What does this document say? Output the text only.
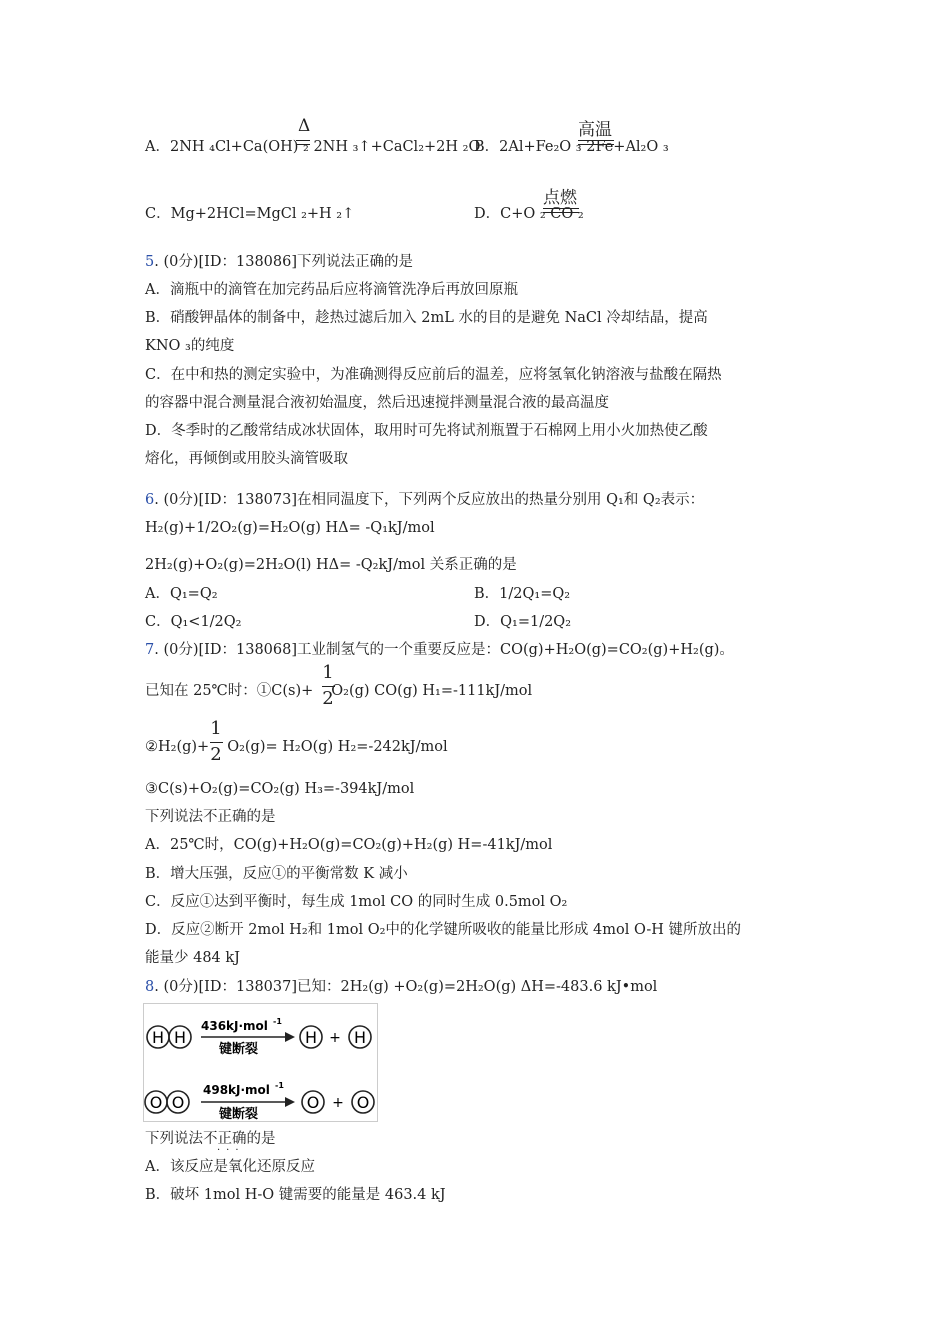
A．2NH ₄Cl+Ca(OH) ₂ 2NH ₃↑+CaCl₂+2H ₂O
Δ
B．2Al+Fe₂O ₃ 2Fe+Al₂O ₃
高温
C．Mg+2HCl=MgCl ₂+H ₂↑	D．C+O ₂ CO ₂
点燃
5. (0分)[ID：138086]下列说法正确的是
A．滴瓶中的滴管在加完药品后应将滴管洗净后再放回原瓶
B．硝酸钾晶体的制备中，趁热过滤后加入 2mL 水的目的是避免 NaCl 冷却结晶，提高
KNO ₃的纯度
C．在中和热的测定实验中，为准确测得反应前后的温差，应将氢氧化钠溶液与盐酸在隔热
的容器中混合测量混合液初始温度，然后迅速搅拌测量混合液的最高温度
D．冬季时的乙酸常结成冰状固体，取用时可先将试剂瓶置于石棉网上用小火加热使乙酸
熔化，再倾倒或用胶头滴管吸取
6. (0分)[ID：138073]在相同温度下，下列两个反应放出的热量分别用 Q₁和 Q₂表示：
H₂(g)+1/2O₂(g)=H₂O(g) HΔ= -Q₁kJ/mol
2H₂(g)+O₂(g)=2H₂O(l) HΔ= -Q₂kJ/mol 关系正确的是
A．Q₁=Q₂	B．1/2Q₁=Q₂
C．Q₁<1/2Q₂	D．Q₁=1/2Q₂
7. (0分)[ID：138068]工业制氢气的一个重要反应是：CO(g)+H₂O(g)=CO₂(g)+H₂(g)。
已知在 25℃时：①C(s)+ O₂(g) CO(g) H₁=-111kJ/mol
1
2
②H₂(g)+ O₂(g)= H₂O(g) H₂=-242kJ/mol
1
2
③C(s)+O₂(g)=CO₂(g) H₃=-394kJ/mol
下列说法不正确的是
A．25℃时，CO(g)+H₂O(g)=CO₂(g)+H₂(g) H=-41kJ/mol
B．增大压强，反应①的平衡常数 K 减小
C．反应①达到平衡时，每生成 1mol CO 的同时生成 0.5mol O₂
D．反应②断开 2mol H₂和 1mol O₂中的化学键所吸收的能量比形成 4mol O-H 键所放出的
能量少 484 kJ
8. (0分)[ID：138037]已知：2H₂(g) +O₂(g)=2H₂O(g) ΔH=-483.6 kJ•mol
H H
436kJ·mol -1
键断裂
H + H
O O
498kJ·mol -1
键断裂
O + O
下列说法不正确的是
···
A．该反应是氧化还原反应
B．破坏 1mol H-O 键需要的能量是 463.4 kJ
